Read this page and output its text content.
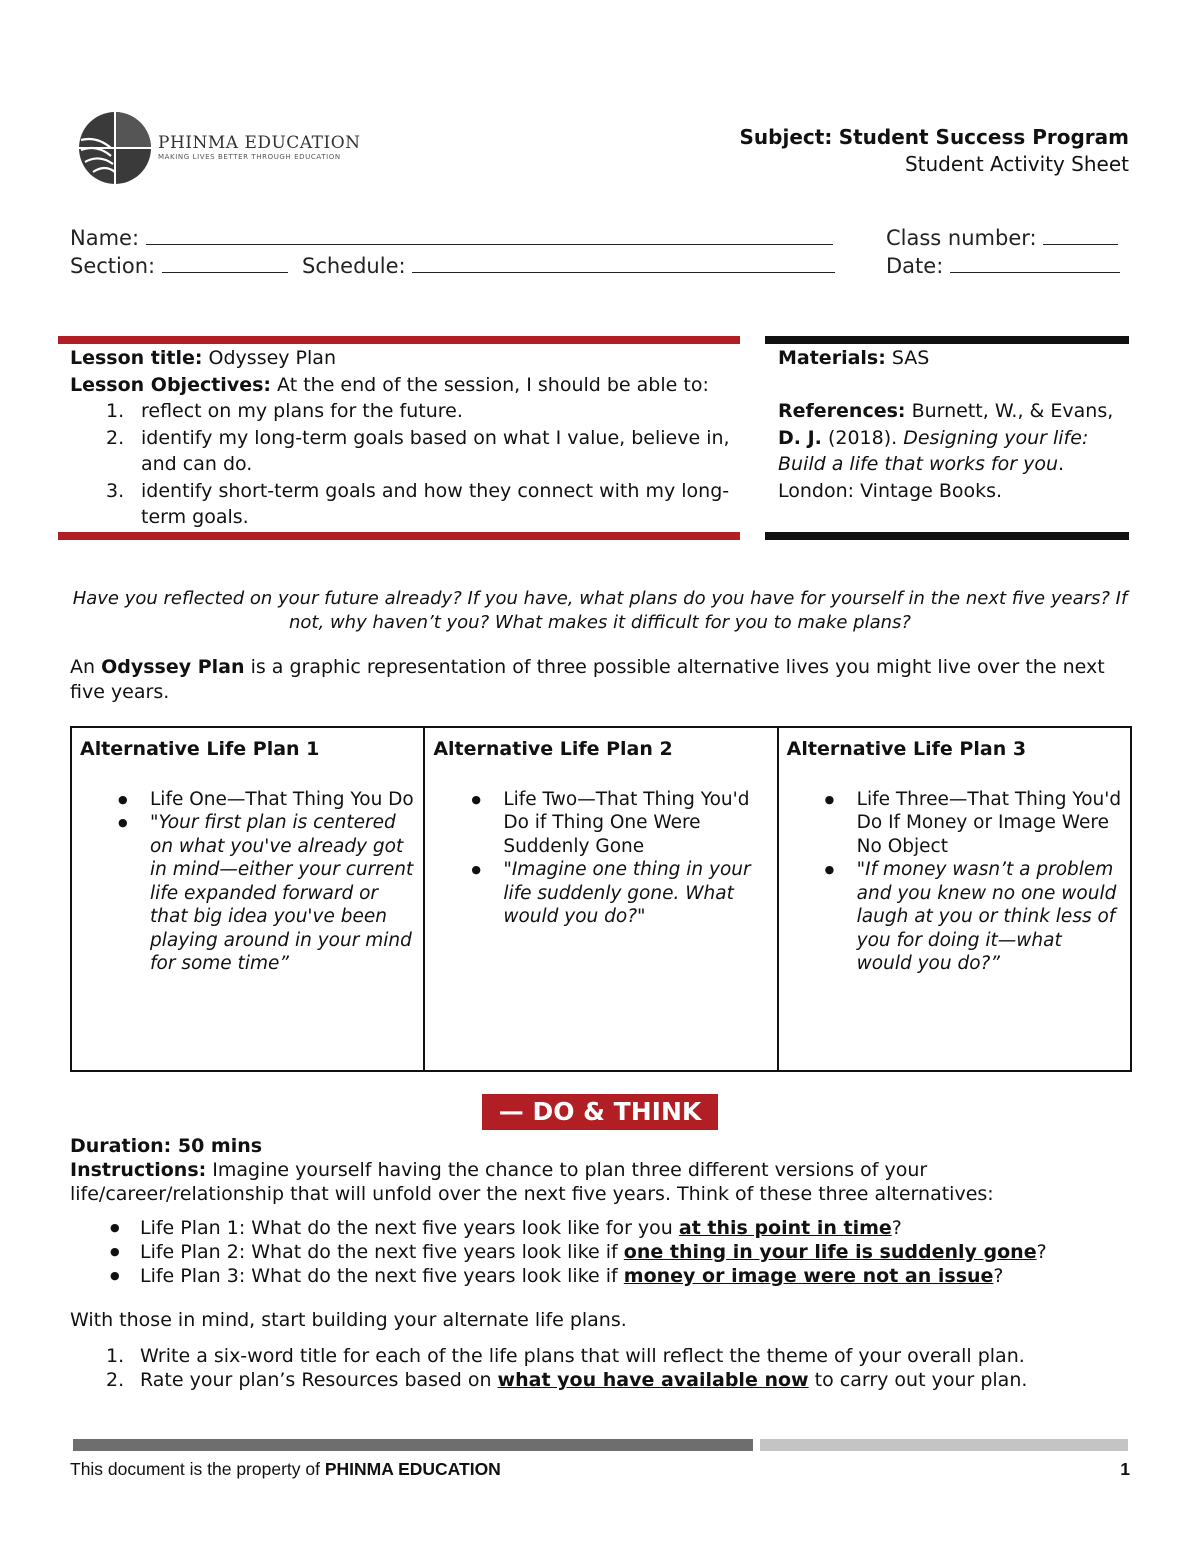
PHINMA EDUCATION
MAKING LIVES BETTER THROUGH EDUCATION
Subject: Student Success Program
Student Activity Sheet
Name:	Class number:
Section:	Schedule:	Date:
Lesson title: Odyssey Plan
Lesson Objectives: At the end of the session, I should be able to:
1. reflect on my plans for the future.
2. identify my long-term goals based on what I value, believe in, and can do.
3. identify short-term goals and how they connect with my long-term goals.
Materials: SAS
References: Burnett, W., & Evans, D. J. (2018). Designing your life: Build a life that works for you. London: Vintage Books.
Have you reflected on your future already? If you have, what plans do you have for yourself in the next five years? If not, why haven’t you? What makes it difficult for you to make plans?
An Odyssey Plan is a graphic representation of three possible alternative lives you might live over the next five years.
Alternative Life Plan 1
● Life One—That Thing You Do
● "Your first plan is centered on what you've already got in mind—either your current life expanded forward or that big idea you've been playing around in your mind for some time”

Alternative Life Plan 2
● Life Two—That Thing You'd Do if Thing One Were Suddenly Gone
● "Imagine one thing in your life suddenly gone. What would you do?"

Alternative Life Plan 3
● Life Three—That Thing You'd Do If Money or Image Were No Object
● "If money wasn’t a problem and you knew no one would laugh at you or think less of you for doing it—what would you do?”
— DO & THINK —
Duration: 50 mins
Instructions: Imagine yourself having the chance to plan three different versions of your life/career/relationship that will unfold over the next five years. Think of these three alternatives:
● Life Plan 1: What do the next five years look like for you at this point in time?
● Life Plan 2: What do the next five years look like if one thing in your life is suddenly gone?
● Life Plan 3: What do the next five years look like if money or image were not an issue?
With those in mind, start building your alternate life plans.
1. Write a six-word title for each of the life plans that will reflect the theme of your overall plan.
2. Rate your plan’s Resources based on what you have available now to carry out your plan.
This document is the property of PHINMA EDUCATION	1
